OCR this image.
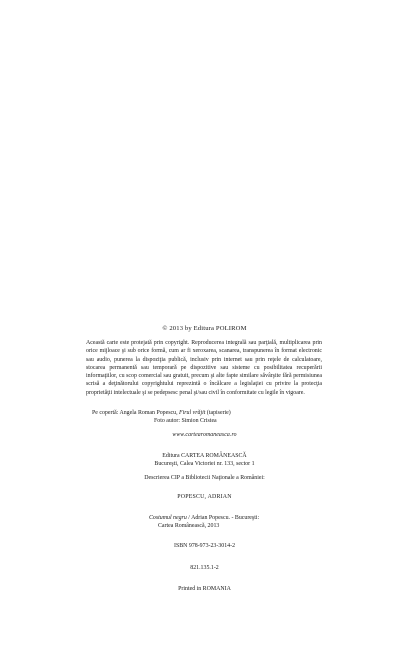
© 2013 by Editura POLIROM

Această carte este protejată prin copyright. Reproducerea integrală sau parţială, multiplicarea prin orice mijloace şi sub orice formă, cum ar fi xeroxarea, scanarea, transpunerea în format electronic sau audio, punerea la dispoziţia publică, inclusiv prin internet sau prin reţele de calculatoare, stocarea permanentă sau temporară pe dispozitive sau sisteme cu posibilitatea recuperării informaţiilor, cu scop comercial sau gratuit, precum şi alte fapte similare săvârşite fără permisiunea scrisă a deţinătorului copyrightului reprezintă o încălcare a legislaţiei cu privire la protecţia proprietăţii intelectuale şi se pedepsesc penal şi/sau civil în conformitate cu legile în vigoare.

Pe copertă: Angela Roman Popescu, Firul vrăjit (tapiserie)
Foto autor: Simion Cristea
www.cartearomaneasca.ro
Editura CARTEA ROMÂNEASCĂ
Bucureşti, Calea Victoriei nr. 133, sector 1
Descrierea CIP a Bibliotecii Naţionale a României:
POPESCU, ADRIAN
Costumul negru / Adrian Popescu. - Bucureşti:
Cartea Românească, 2013
ISBN 978-973-23-3014-2
821.135.1-2
Printed in ROMANIA
